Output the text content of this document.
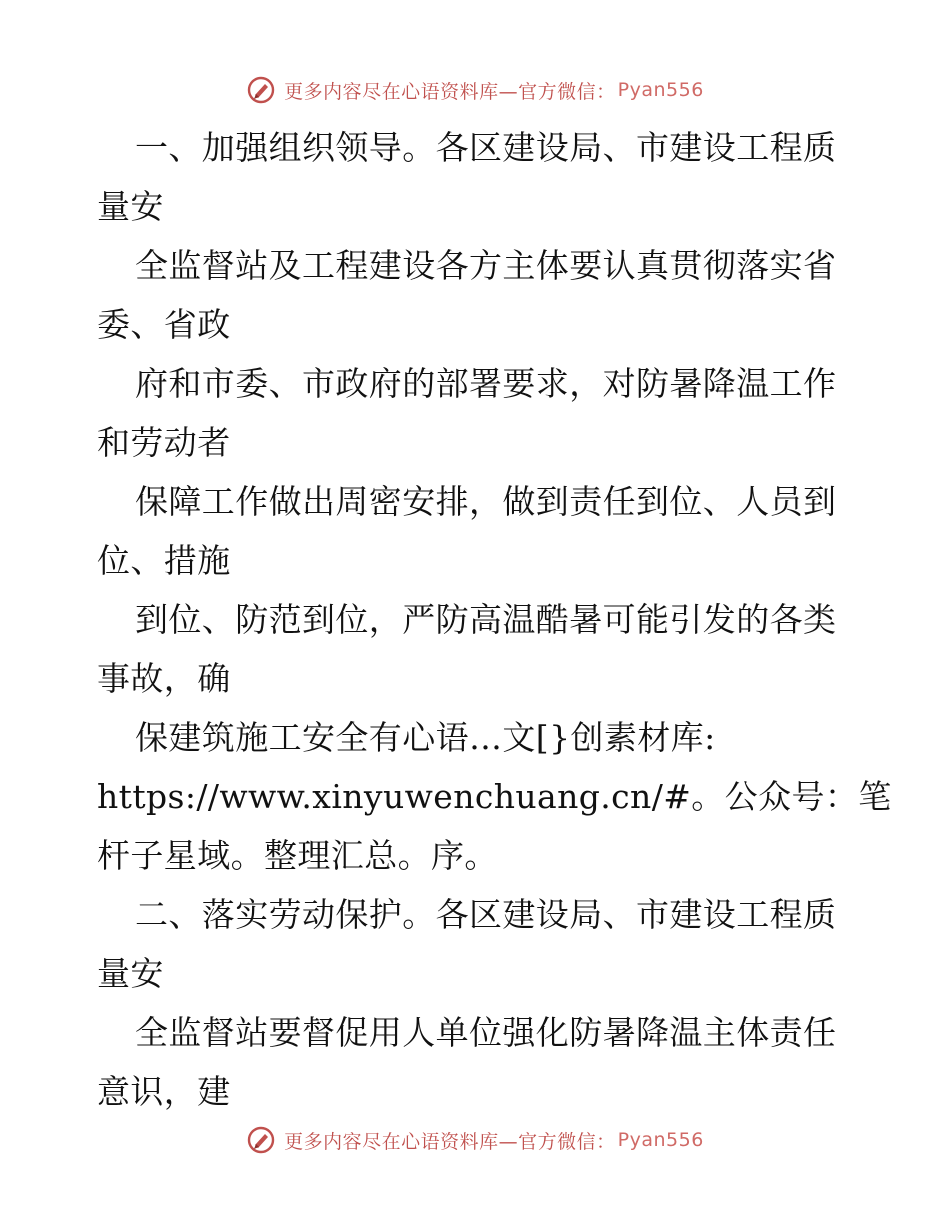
更多内容尽在心语资料库—官方微信： Pyan556
一、加强组织领导。各区建设局、市建设工程质
量安
全监督站及工程建设各方主体要认真贯彻落实省
委、省政
府和市委、市政府的部署要求，对防暑降温工作
和劳动者
保障工作做出周密安排，做到责任到位、人员到
位、措施
到位、防范到位，严防高温酷暑可能引发的各类
事故，确
保建筑施工安全有心语…文[}创素材库:
https://www.xinyuwenchuang.cn/#。公众号：笔
杆子星域。整理汇总。序。
二、落实劳动保护。各区建设局、市建设工程质
量安
全监督站要督促用人单位强化防暑降温主体责任
意识，建
更多内容尽在心语资料库—官方微信： Pyan556
